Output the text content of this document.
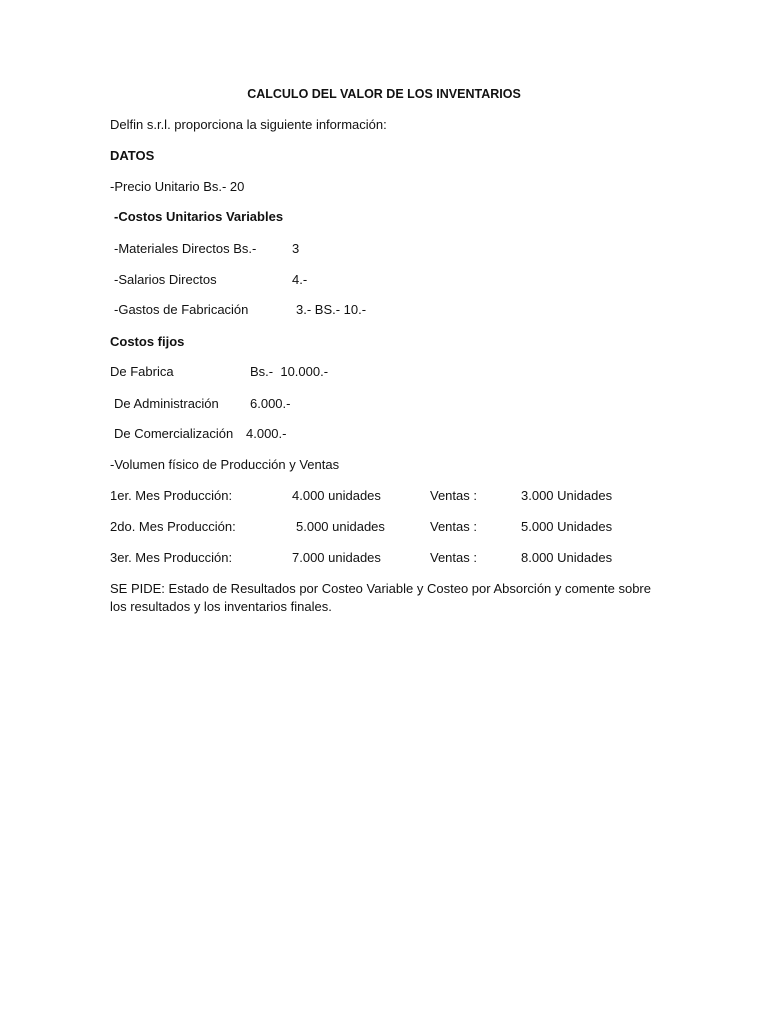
CALCULO DEL VALOR DE LOS INVENTARIOS
Delfin s.r.l. proporciona la siguiente información:
DATOS
-Precio Unitario Bs.- 20
-Costos Unitarios Variables
-Materiales Directos Bs.-	3
-Salarios Directos	4.-
-Gastos de Fabricación	3.- BS.- 10.-
Costos fijos
De Fabrica	Bs.-  10.000.-
De Administración 6.000.-
De Comercialización 4.000.-
-Volumen físico de Producción y Ventas
1er. Mes Producción:	4.000 unidades	Ventas :	3.000 Unidades
2do. Mes Producción:	5.000 unidades	Ventas :	5.000 Unidades
3er. Mes Producción:	7.000 unidades	Ventas :	8.000 Unidades
SE PIDE: Estado de Resultados por Costeo Variable y Costeo por Absorción y comente sobre los resultados y los inventarios finales.
